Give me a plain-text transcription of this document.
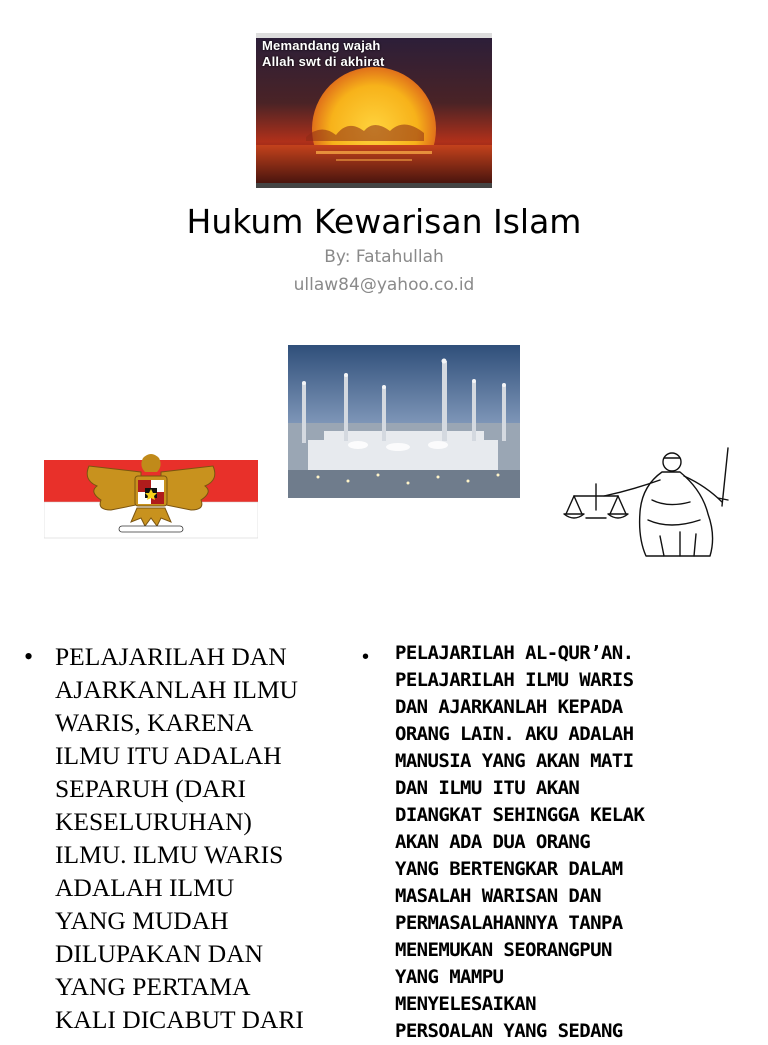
Memandang wajah
Allah swt di akhirat
Hukum Kewarisan Islam
By: Fatahullah
ullaw84@yahoo.co.id
• PELAJARILAH DAN
AJARKANLAH ILMU
WARIS, KARENA
ILMU ITU ADALAH
SEPARUH (DARI
KESELURUHAN)
ILMU. ILMU WARIS
ADALAH ILMU
YANG MUDAH
DILUPAKAN DAN
YANG PERTAMA
KALI DICABUT DARI

• PELAJARILAH AL-QUR’AN.
PELAJARILAH ILMU WARIS
DAN AJARKANLAH KEPADA
ORANG LAIN. AKU ADALAH
MANUSIA YANG AKAN MATI
DAN ILMU ITU AKAN
DIANGKAT SEHINGGA KELAK
AKAN ADA DUA ORANG
YANG BERTENGKAR DALAM
MASALAH WARISAN DAN
PERMASALAHANNYA TANPA
MENEMUKAN SEORANGPUN
YANG MAMPU
MENYELESAIKAN
PERSOALAN YANG SEDANG
